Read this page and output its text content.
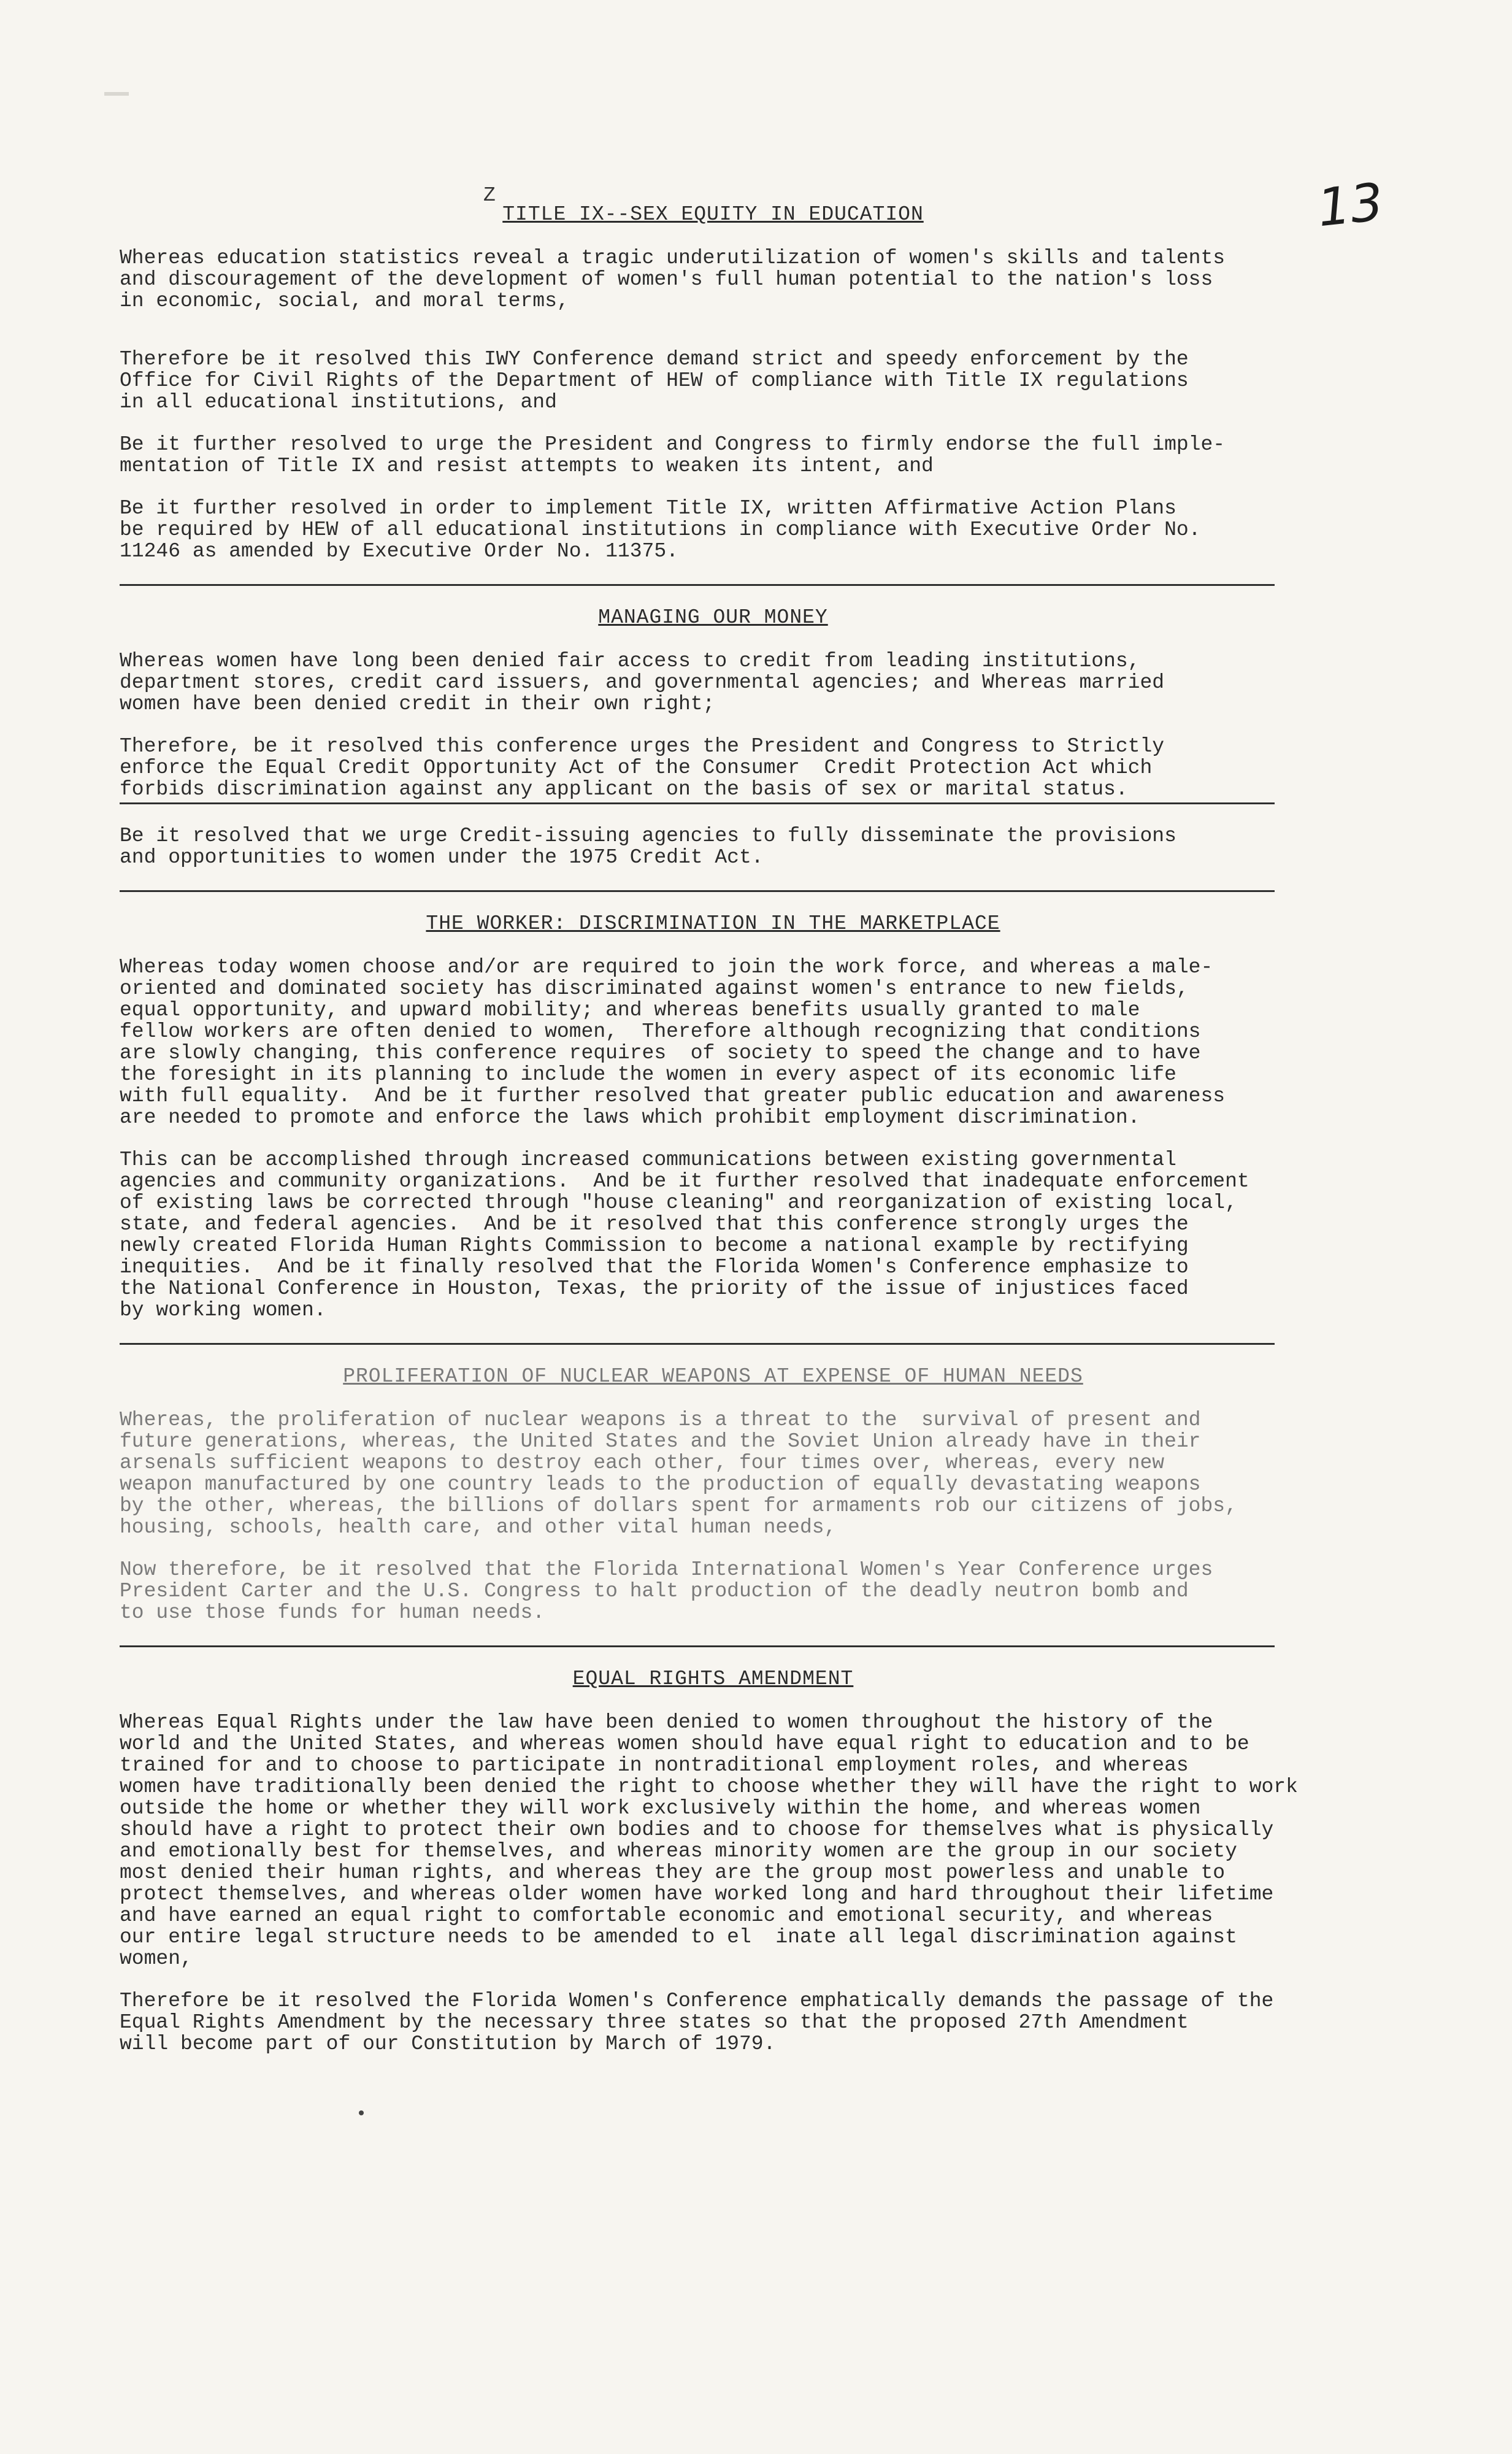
Z	13
TITLE IX--SEX EQUITY IN EDUCATION

Whereas education statistics reveal a tragic underutilization of women's skills and talents
and discouragement of the development of women's full human potential to the nation's loss
in economic, social, and moral terms,

Therefore be it resolved this IWY Conference demand strict and speedy enforcement by the
Office for Civil Rights of the Department of HEW of compliance with Title IX regulations
in all educational institutions, and

Be it further resolved to urge the President and Congress to firmly endorse the full imple-
mentation of Title IX and resist attempts to weaken its intent, and

Be it further resolved in order to implement Title IX, written Affirmative Action Plans
be required by HEW of all educational institutions in compliance with Executive Order No.
11246 as amended by Executive Order No. 11375.

MANAGING OUR MONEY

Whereas women have long been denied fair access to credit from leading institutions,
department stores, credit card issuers, and governmental agencies; and Whereas married
women have been denied credit in their own right;

Therefore, be it resolved this conference urges the President and Congress to Strictly
enforce the Equal Credit Opportunity Act of the Consumer  Credit Protection Act which
forbids discrimination against any applicant on the basis of sex or marital status.

Be it resolved that we urge Credit-issuing agencies to fully disseminate the provisions
and opportunities to women under the 1975 Credit Act.

THE WORKER: DISCRIMINATION IN THE MARKETPLACE

Whereas today women choose and/or are required to join the work force, and whereas a male-
oriented and dominated society has discriminated against women's entrance to new fields,
equal opportunity, and upward mobility; and whereas benefits usually granted to male
fellow workers are often denied to women,  Therefore although recognizing that conditions
are slowly changing, this conference requires  of society to speed the change and to have
the foresight in its planning to include the women in every aspect of its economic life
with full equality.  And be it further resolved that greater public education and awareness
are needed to promote and enforce the laws which prohibit employment discrimination.

This can be accomplished through increased communications between existing governmental
agencies and community organizations.  And be it further resolved that inadequate enforcement
of existing laws be corrected through "house cleaning" and reorganization of existing local,
state, and federal agencies.  And be it resolved that this conference strongly urges the
newly created Florida Human Rights Commission to become a national example by rectifying
inequities.  And be it finally resolved that the Florida Women's Conference emphasize to
the National Conference in Houston, Texas, the priority of the issue of injustices faced
by working women.

PROLIFERATION OF NUCLEAR WEAPONS AT EXPENSE OF HUMAN NEEDS

Whereas, the proliferation of nuclear weapons is a threat to the  survival of present and
future generations, whereas, the United States and the Soviet Union already have in their
arsenals sufficient weapons to destroy each other, four times over, whereas, every new
weapon manufactured by one country leads to the production of equally devastating weapons
by the other, whereas, the billions of dollars spent for armaments rob our citizens of jobs,
housing, schools, health care, and other vital human needs,

Now therefore, be it resolved that the Florida International Women's Year Conference urges
President Carter and the U.S. Congress to halt production of the deadly neutron bomb and
to use those funds for human needs.

EQUAL RIGHTS AMENDMENT

Whereas Equal Rights under the law have been denied to women throughout the history of the
world and the United States, and whereas women should have equal right to education and to be
trained for and to choose to participate in nontraditional employment roles, and whereas
women have traditionally been denied the right to choose whether they will have the right to work
outside the home or whether they will work exclusively within the home, and whereas women
should have a right to protect their own bodies and to choose for themselves what is physically
and emotionally best for themselves, and whereas minority women are the group in our society
most denied their human rights, and whereas they are the group most powerless and unable to
protect themselves, and whereas older women have worked long and hard throughout their lifetime
and have earned an equal right to comfortable economic and emotional security, and whereas
our entire legal structure needs to be amended to el  inate all legal discrimination against
women,

Therefore be it resolved the Florida Women's Conference emphatically demands the passage of the
Equal Rights Amendment by the necessary three states so that the proposed 27th Amendment
will become part of our Constitution by March of 1979.
